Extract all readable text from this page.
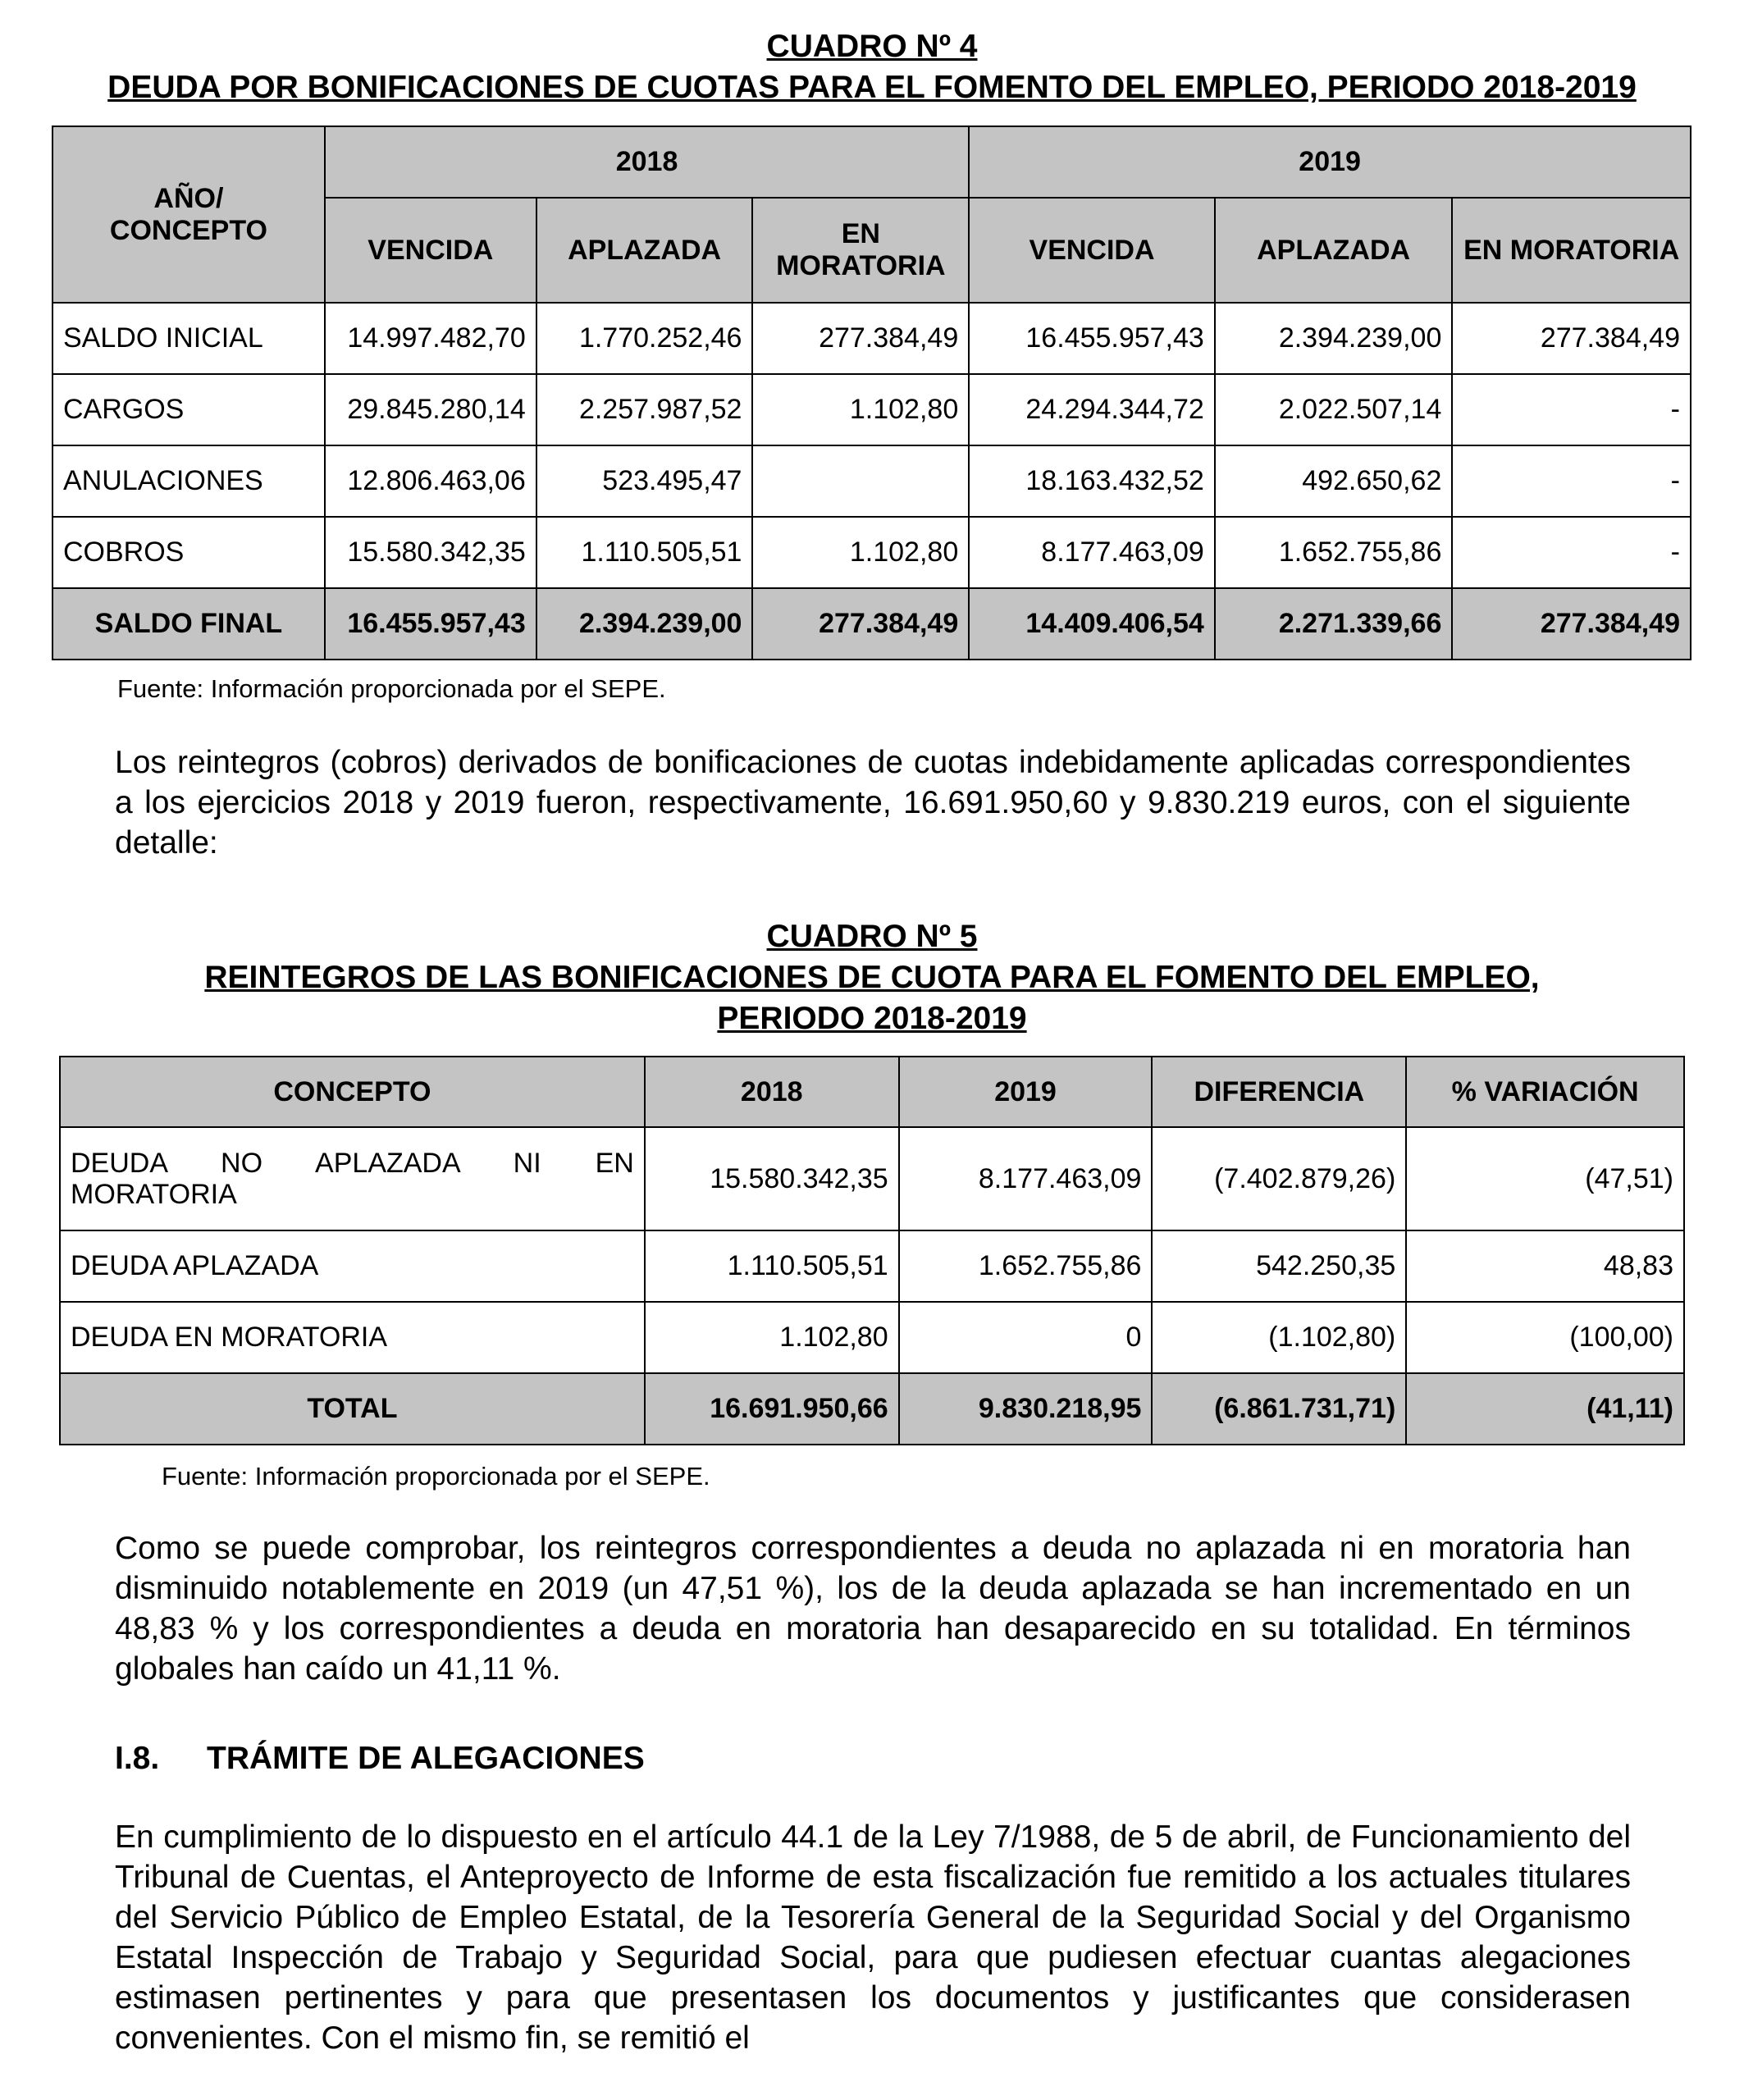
CUADRO Nº 4
DEUDA POR BONIFICACIONES DE CUOTAS PARA EL FOMENTO DEL EMPLEO, PERIODO 2018-2019
AÑO/ CONCEPTO	2018			2019		
	VENCIDA	APLAZADA	EN MORATORIA	VENCIDA	APLAZADA	EN MORATORIA
SALDO INICIAL	14.997.482,70	1.770.252,46	277.384,49	16.455.957,43	2.394.239,00	277.384,49
CARGOS	29.845.280,14	2.257.987,52	1.102,80	24.294.344,72	2.022.507,14	-
ANULACIONES	12.806.463,06	523.495,47		18.163.432,52	492.650,62	-
COBROS	15.580.342,35	1.110.505,51	1.102,80	8.177.463,09	1.652.755,86	-
SALDO FINAL	16.455.957,43	2.394.239,00	277.384,49	14.409.406,54	2.271.339,66	277.384,49
Fuente: Información proporcionada por el SEPE.
Los reintegros (cobros) derivados de bonificaciones de cuotas indebidamente aplicadas correspondientes a los ejercicios 2018 y 2019 fueron, respectivamente, 16.691.950,60 y 9.830.219 euros, con el siguiente detalle:
CUADRO Nº 5
REINTEGROS DE LAS BONIFICACIONES DE CUOTA PARA EL FOMENTO DEL EMPLEO,
PERIODO 2018-2019
CONCEPTO	2018	2019	DIFERENCIA	% VARIACIÓN

DEUDA NO APLAZADA NI EN
MORATORIA	15.580.342,35	8.177.463,09	(7.402.879,26)	(47,51)
DEUDA APLAZADA	1.110.505,51	1.652.755,86	542.250,35	48,83
DEUDA EN MORATORIA	1.102,80	0	(1.102,80)	(100,00)
TOTAL	16.691.950,66	9.830.218,95	(6.861.731,71)	(41,11)
Fuente: Información proporcionada por el SEPE.
Como se puede comprobar, los reintegros correspondientes a deuda no aplazada ni en moratoria han disminuido notablemente en 2019 (un 47,51 %), los de la deuda aplazada se han incrementado en un 48,83 % y los correspondientes a deuda en moratoria han desaparecido en su totalidad. En términos globales han caído un 41,11 %.
I.8. TRÁMITE DE ALEGACIONES
En cumplimiento de lo dispuesto en el artículo 44.1 de la Ley 7/1988, de 5 de abril, de Funcionamiento del Tribunal de Cuentas, el Anteproyecto de Informe de esta fiscalización fue remitido a los actuales titulares del Servicio Público de Empleo Estatal, de la Tesorería General de la Seguridad Social y del Organismo Estatal Inspección de Trabajo y Seguridad Social, para que pudiesen efectuar cuantas alegaciones estimasen pertinentes y para que presentasen los documentos y justificantes que considerasen convenientes. Con el mismo fin, se remitió el
